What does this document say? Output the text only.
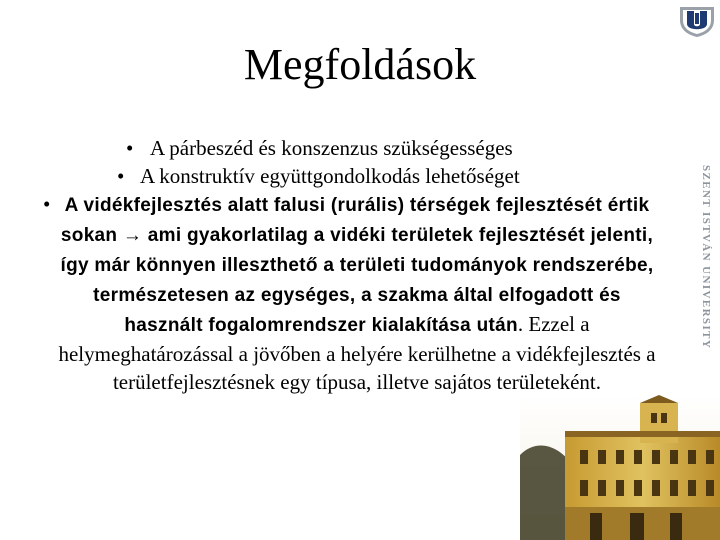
SZENT ISTVÁN UNIVERSITY
Megfoldások
• A párbeszéd és konszenzus szükségességes
• A konstruktív együttgondolkodás lehetőséget
• A vidékfejlesztés alatt falusi (rurális) térségek fejlesztését értik sokan → ami gyakorlatilag a vidéki területek fejlesztését jelenti, így már könnyen illeszthető a területi tudományok rendszerébe, természetesen az egységes, a szakma által elfogadott és használt fogalomrendszer kialakítása után. Ezzel a helymeghatározással a jövőben a helyére kerülhetne a vidékfejlesztés a területfejlesztésnek egy típusa, illetve sajátos területeként.
